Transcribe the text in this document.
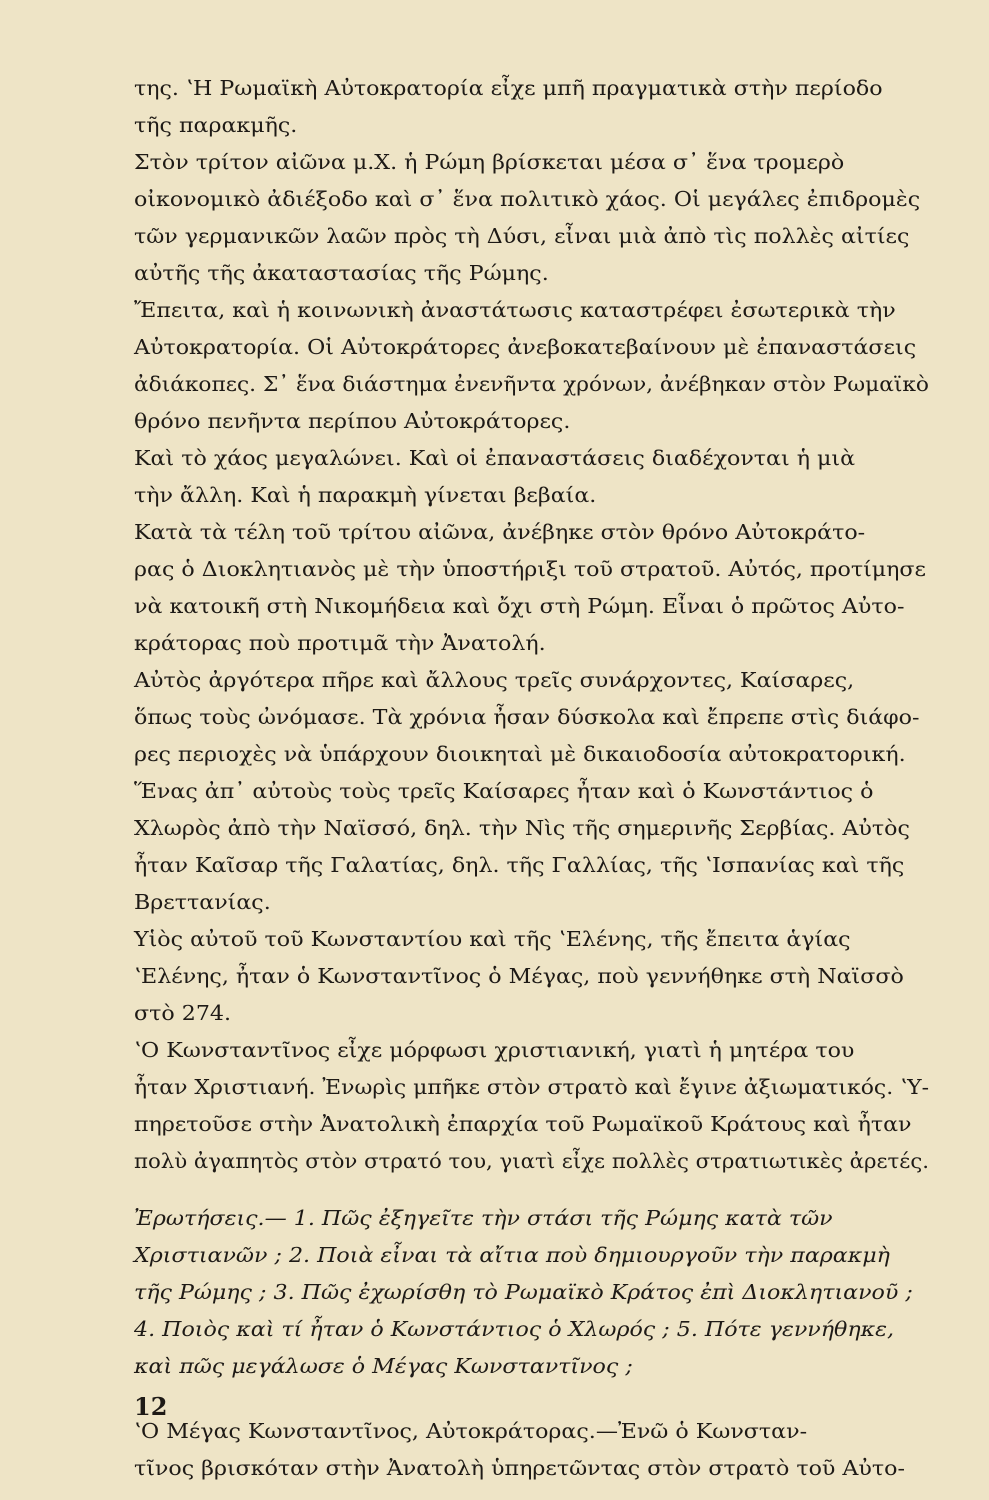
της. ʽΗ Ρωμαϊκὴ Αὐτοκρατορία εἶχε μπῆ πραγματικὰ στὴν περίοδο
τῆς παρακμῆς.
Στὸν τρίτον αἰῶνα μ.Χ. ἡ Ρώμη βρίσκεται μέσα σ᾽ ἕνα τρομερὸ
οἰκονομικὸ ἀδιέξοδο καὶ σ᾽ ἕνα πολιτικὸ χάος. Οἱ μεγάλες ἐπιδρομὲς
τῶν γερμανικῶν λαῶν πρὸς τὴ Δύσι, εἶναι μιὰ ἀπὸ τὶς πολλὲς αἰτίες
αὐτῆς τῆς ἀκαταστασίας τῆς Ρώμης.
Ἔπειτα, καὶ ἡ κοινωνικὴ ἀναστάτωσις καταστρέφει ἐσωτερικὰ τὴν
Αὐτοκρατορία. Οἱ Αὐτοκράτορες ἀνεβοκατεβαίνουν μὲ ἐπαναστάσεις
ἀδιάκοπες. Σ᾽ ἕνα διάστημα ἐνενῆντα χρόνων, ἀνέβηκαν στὸν Ρωμαϊκὸ
θρόνο πενῆντα περίπου Αὐτοκράτορες.
Καὶ τὸ χάος μεγαλώνει. Καὶ οἱ ἐπαναστάσεις διαδέχονται ἡ μιὰ
τὴν ἄλλη. Καὶ ἡ παρακμὴ γίνεται βεβαία.
Κατὰ τὰ τέλη τοῦ τρίτου αἰῶνα, ἀνέβηκε στὸν θρόνο Αὐτοκράτο-
ρας ὁ Διοκλητιανὸς μὲ τὴν ὑποστήριξι τοῦ στρατοῦ. Αὐτός, προτίμησε
νὰ κατοικῆ στὴ Νικομήδεια καὶ ὄχι στὴ Ρώμη. Εἶναι ὁ πρῶτος Αὐτο-
κράτορας ποὺ προτιμᾶ τὴν Ἀνατολή.
Αὐτὸς ἀργότερα πῆρε καὶ ἄλλους τρεῖς συνάρχοντες, Καίσαρες,
ὅπως τοὺς ὠνόμασε. Τὰ χρόνια ἦσαν δύσκολα καὶ ἔπρεπε στὶς διάφο-
ρες περιοχὲς νὰ ὑπάρχουν διοικηταὶ μὲ δικαιοδοσία αὐτοκρατορική.
Ἕνας ἀπ᾽ αὐτοὺς τοὺς τρεῖς Καίσαρες ἦταν καὶ ὁ Κωνστάντιος ὁ
Χλωρὸς ἀπὸ τὴν Ναϊσσό, δηλ. τὴν Νὶς τῆς σημερινῆς Σερβίας. Αὐτὸς
ἦταν Καῖσαρ τῆς Γαλατίας, δηλ. τῆς Γαλλίας, τῆς ʽΙσπανίας καὶ τῆς
Βρεττανίας.
Υἱὸς αὐτοῦ τοῦ Κωνσταντίου καὶ τῆς ʽΕλένης, τῆς ἔπειτα ἁγίας
ʽΕλένης, ἦταν ὁ Κωνσταντῖνος ὁ Μέγας, ποὺ γεννήθηκε στὴ Ναϊσσὸ
στὸ 274.
ʽΟ Κωνσταντῖνος εἶχε μόρφωσι χριστιανική, γιατὶ ἡ μητέρα του
ἦταν Χριστιανή. Ἐνωρὶς μπῆκε στὸν στρατὸ καὶ ἔγινε ἀξιωματικός. ʽΥ-
πηρετοῦσε στὴν Ἀνατολικὴ ἐπαρχία τοῦ Ρωμαϊκοῦ Κράτους καὶ ἦταν
πολὺ ἀγαπητὸς στὸν στρατό του, γιατὶ εἶχε πολλὲς στρατιωτικὲς ἀρετές.
Ἐρωτήσεις.— 1. Πῶς ἐξηγεῖτε τὴν στάσι τῆς Ρώμης κατὰ τῶν
Χριστιανῶν ; 2. Ποιὰ εἶναι τὰ αἴτια ποὺ δημιουργοῦν τὴν παρακμὴ
τῆς Ρώμης ; 3. Πῶς ἐχωρίσθη τὸ Ρωμαϊκὸ Κράτος ἐπὶ Διοκλητιανοῦ ;
4. Ποιὸς καὶ τί ἦταν ὁ Κωνστάντιος ὁ Χλωρός ; 5. Πότε γεννήθηκε,
καὶ πῶς μεγάλωσε ὁ Μέγας Κωνσταντῖνος ;
ʽΟ Μέγας Κωνσταντῖνος, Αὐτοκράτορας.—Ἐνῶ ὁ Κωνσταν-
τῖνος βρισκόταν στὴν Ἀνατολὴ ὑπηρετῶντας στὸν στρατὸ τοῦ Αὐτο-
12
